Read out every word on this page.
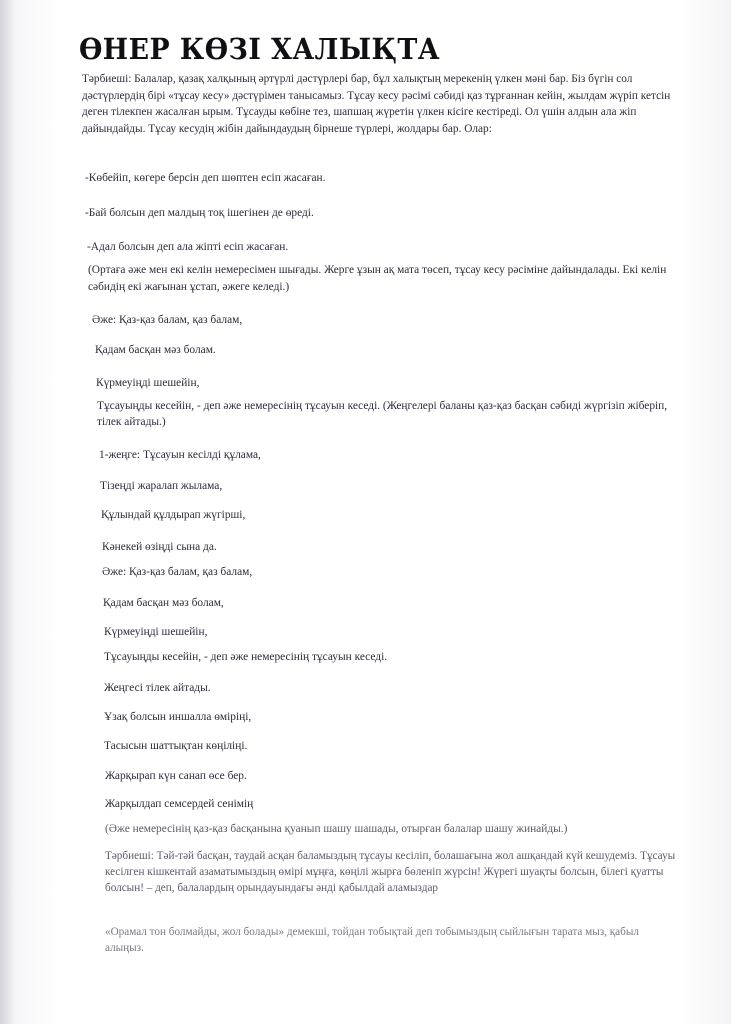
ӨНЕР КӨЗІ ХАЛЫҚТА

Тәрбиеші: Балалар, қазақ халқының әртүрлі дәстүрлері бар, бұл халықтың мерекенің үлкен мәні бар. Біз бүгін сол дәстүрлердің бірі «тұсау кесу» дәстүрімен танысамыз. Тұсау кесу рәсімі сәбиді қаз тұрғаннан кейін, жылдам жүріп кетсін деген тілекпен жасалған ырым. Тұсауды көбіне тез, шапшаң жүретін үлкен кісіге кестіреді. Ол үшін алдын ала жіп дайындайды. Тұсау кесудің жібін дайындаудың бірнеше түрлері, жолдары бар. Олар:

-Көбейіп, көгере берсін деп шөптен есіп жасаған.

-Бай болсын деп малдың тоқ ішегінен де өреді.

-Адал болсын деп ала жіпті есіп жасаған.

(Ортаға әже мен екі келін немересімен шығады. Жерге ұзын ақ мата төсеп, тұсау кесу рәсіміне дайындалады. Екі келін сәбидің екі жағынан ұстап, әжеге келеді.)

Әже: Қаз-қаз балам, қаз балам,

Қадам басқан мәз болам.

Күрмеуіңді шешейін,

Тұсауыңды кесейін, - деп әже немересінің тұсауын кеседі. (Жеңгелері баланы қаз-қаз басқан сәбиді жүргізіп жіберіп, тілек айтады.)

1-жеңге: Тұсауын кесілді құлама,

Тізеңді жаралап жылама,

Құлындай құлдырап жүгірші,

Кәнекей өзіңді сына да.

Әже: Қаз-қаз балам, қаз балам,

Қадам басқан мәз болам,

Күрмеуіңді шешейін,

Тұсауыңды кесейін, - деп әже немересінің тұсауын кеседі.

Жеңгесі тілек айтады.

Ұзақ болсын иншалла өміріңі,

Тасысын шаттықтан көңіліңі.

Жарқырап күн санап өсе бер.

Жарқылдап семсердей сенімің

(Әже немересінің қаз-қаз басқанына қуанып шашу шашады, отырған балалар шашу жинайды.)

Тәрбиеші: Тәй-тәй басқан, таудай асқан баламыздың тұсауы кесіліп, болашағына жол ашқандай күй кешудеміз. Тұсауы кесілген кішкентай азаматымыздың өмірі мұңға, көңілі жырға бөленіп жүрсін! Жүрегі шуақты болсын, білегі қуатты болсын! – деп, балалардың орындауындағы әнді қабылдай аламыздар

«Орамал тон болмайды, жол болады» демекші, тойдан тобықтай деп тобымыздың сыйлығын тарата мыз, қабыл алыңыз.
